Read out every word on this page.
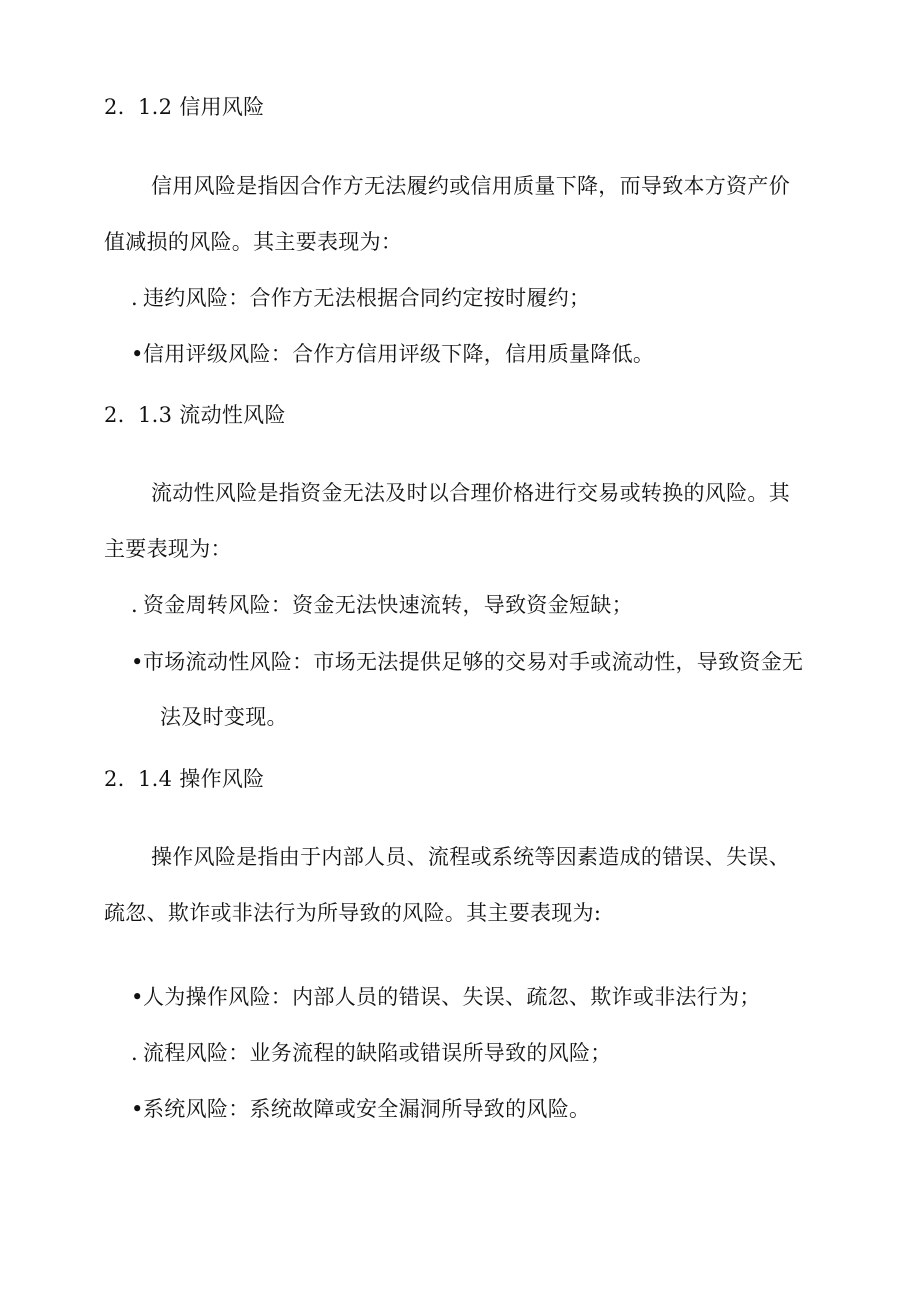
2. 1.2 信用风险
信用风险是指因合作方无法履约或信用质量下降，而导致本方资产价
值减损的风险。其主要表现为：
. 违约风险：合作方无法根据合同约定按时履约；
•信用评级风险：合作方信用评级下降，信用质量降低。
2. 1.3 流动性风险
流动性风险是指资金无法及时以合理价格进行交易或转换的风险。其
主要表现为：
. 资金周转风险：资金无法快速流转，导致资金短缺；
•市场流动性风险：市场无法提供足够的交易对手或流动性，导致资金无
法及时变现。
2. 1.4 操作风险
操作风险是指由于内部人员、流程或系统等因素造成的错误、失误、
疏忽、欺诈或非法行为所导致的风险。其主要表现为:
•人为操作风险：内部人员的错误、失误、疏忽、欺诈或非法行为；
. 流程风险：业务流程的缺陷或错误所导致的风险；
•系统风险：系统故障或安全漏洞所导致的风险。
